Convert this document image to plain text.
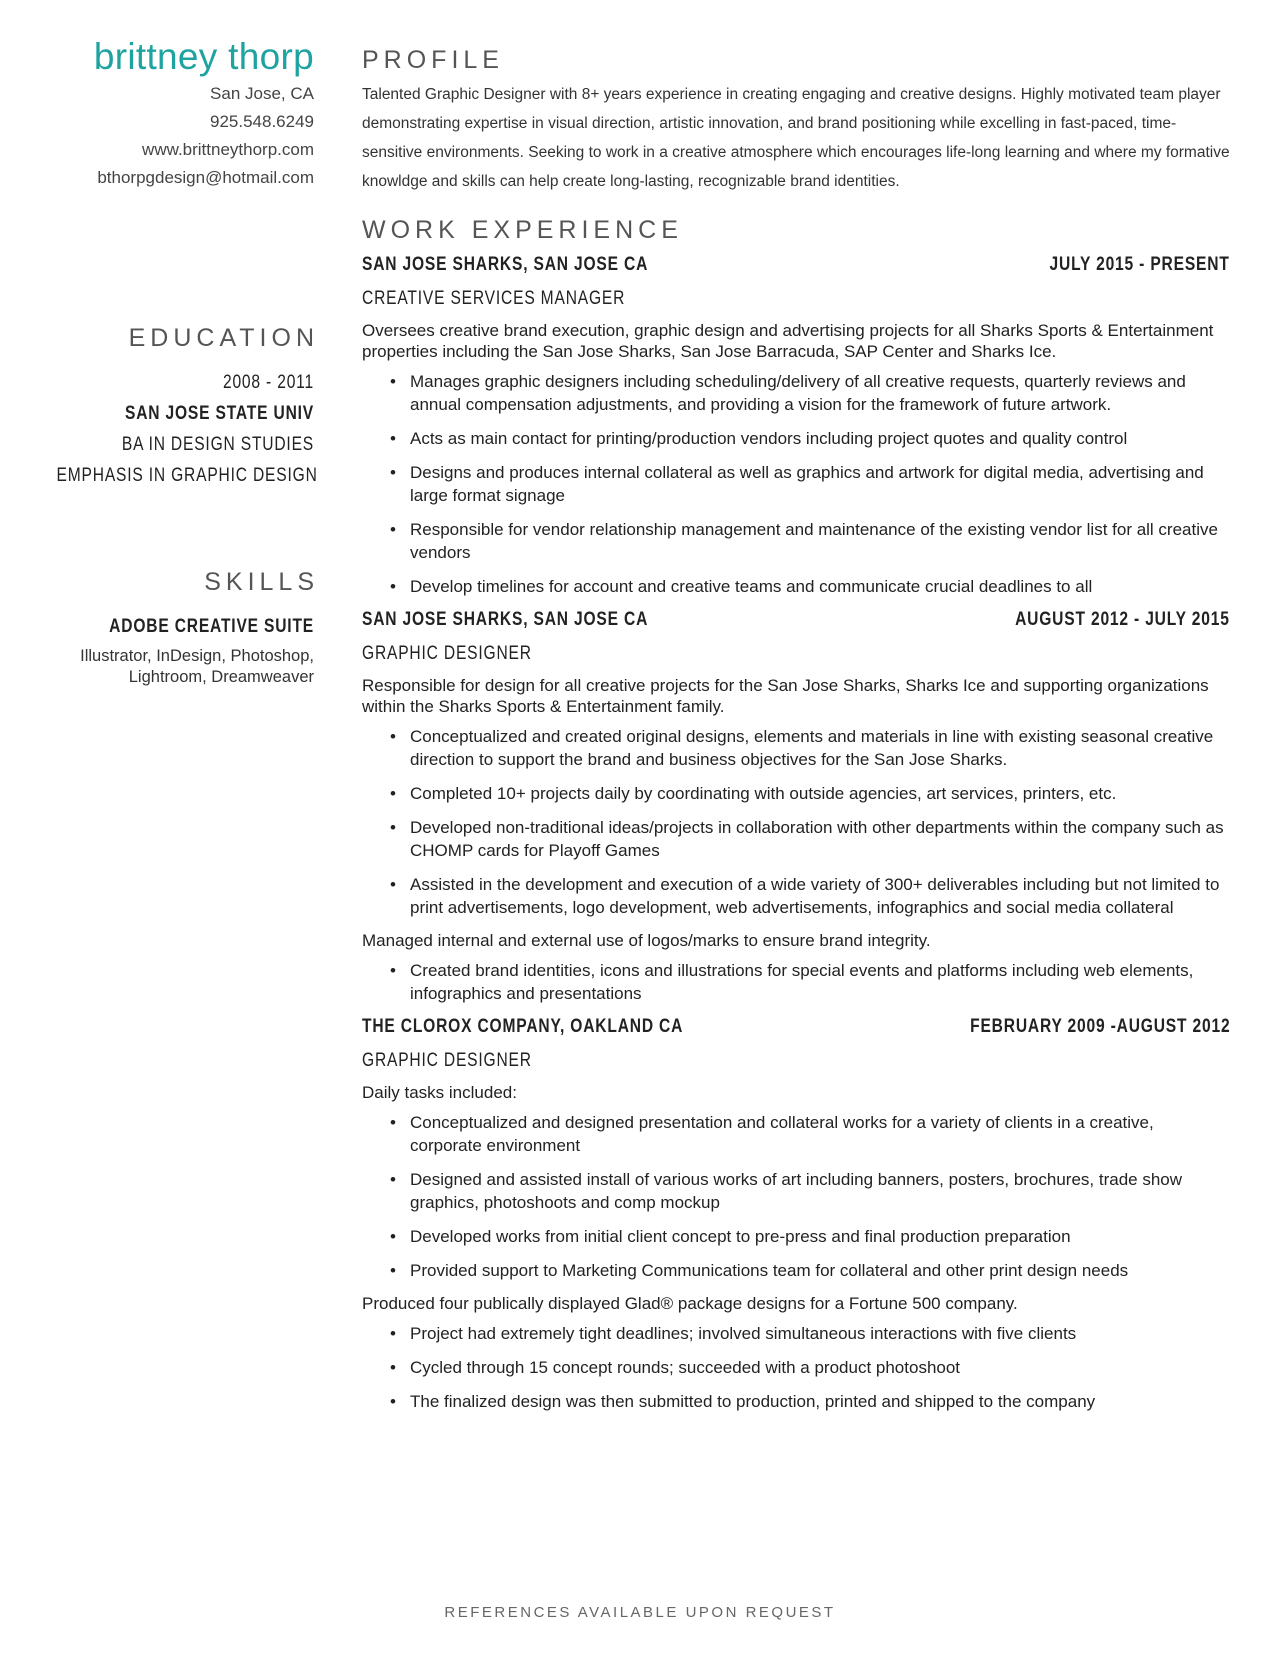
brittney thorp
San Jose, CA
925.548.6249
www.brittneythorp.com
bthorpgdesign@hotmail.com
EDUCATION
2008 - 2011
SAN JOSE STATE UNIV
BA IN DESIGN STUDIES
EMPHASIS IN GRAPHIC DESIGN
SKILLS
ADOBE CREATIVE SUITE
Illustrator, InDesign, Photoshop,
Lightroom, Dreamweaver
PROFILE
Talented Graphic Designer with 8+ years experience in creating engaging and creative designs. Highly motivated team player demonstrating expertise in visual direction, artistic innovation, and brand positioning while excelling in fast-paced, time-sensitive environments. Seeking to work in a creative atmosphere which encourages life-long learning and where my formative knowldge and skills can help create long-lasting, recognizable brand identities.
WORK EXPERIENCE
SAN JOSE SHARKS, SAN JOSE CA	JULY 2015 - PRESENT
CREATIVE SERVICES MANAGER
Oversees creative brand execution, graphic design and advertising projects for all Sharks Sports & Entertainment properties including the San Jose Sharks, San Jose Barracuda, SAP Center and Sharks Ice.
• Manages graphic designers including scheduling/delivery of all creative requests, quarterly reviews and annual compensation adjustments, and providing a vision for the framework of future artwork.
• Acts as main contact for printing/production vendors including project quotes and quality control
• Designs and produces internal collateral as well as graphics and artwork for digital media, advertising and large format signage
• Responsible for vendor relationship management and maintenance of the existing vendor list for all creative vendors
• Develop timelines for account and creative teams and communicate crucial deadlines to all
SAN JOSE SHARKS, SAN JOSE CA	AUGUST 2012 - JULY 2015
GRAPHIC DESIGNER
Responsible for design for all creative projects for the San Jose Sharks, Sharks Ice and supporting organizations within the Sharks Sports & Entertainment family.
• Conceptualized and created original designs, elements and materials in line with existing seasonal creative direction to support the brand and business objectives for the San Jose Sharks.
• Completed 10+ projects daily by coordinating with outside agencies, art services, printers, etc.
• Developed non-traditional ideas/projects in collaboration with other departments within the company such as CHOMP cards for Playoff Games
• Assisted in the development and execution of a wide variety of 300+ deliverables including but not limited to print advertisements, logo development, web advertisements, infographics and social media collateral
Managed internal and external use of logos/marks to ensure brand integrity.
• Created brand identities, icons and illustrations for special events and platforms including web elements, infographics and presentations
THE CLOROX COMPANY, OAKLAND CA	FEBRUARY 2009 -AUGUST 2012
GRAPHIC DESIGNER
Daily tasks included:
• Conceptualized and designed presentation and collateral works for a variety of clients in a creative, corporate environment
• Designed and assisted install of various works of art including banners, posters, brochures, trade show graphics, photoshoots and comp mockup
• Developed works from initial client concept to pre-press and final production preparation
• Provided support to Marketing Communications team for collateral and other print design needs
Produced four publically displayed Glad® package designs for a Fortune 500 company.
• Project had extremely tight deadlines; involved simultaneous interactions with five clients
• Cycled through 15 concept rounds; succeeded with a product photoshoot
• The finalized design was then submitted to production, printed and shipped to the company
REFERENCES AVAILABLE UPON REQUEST
